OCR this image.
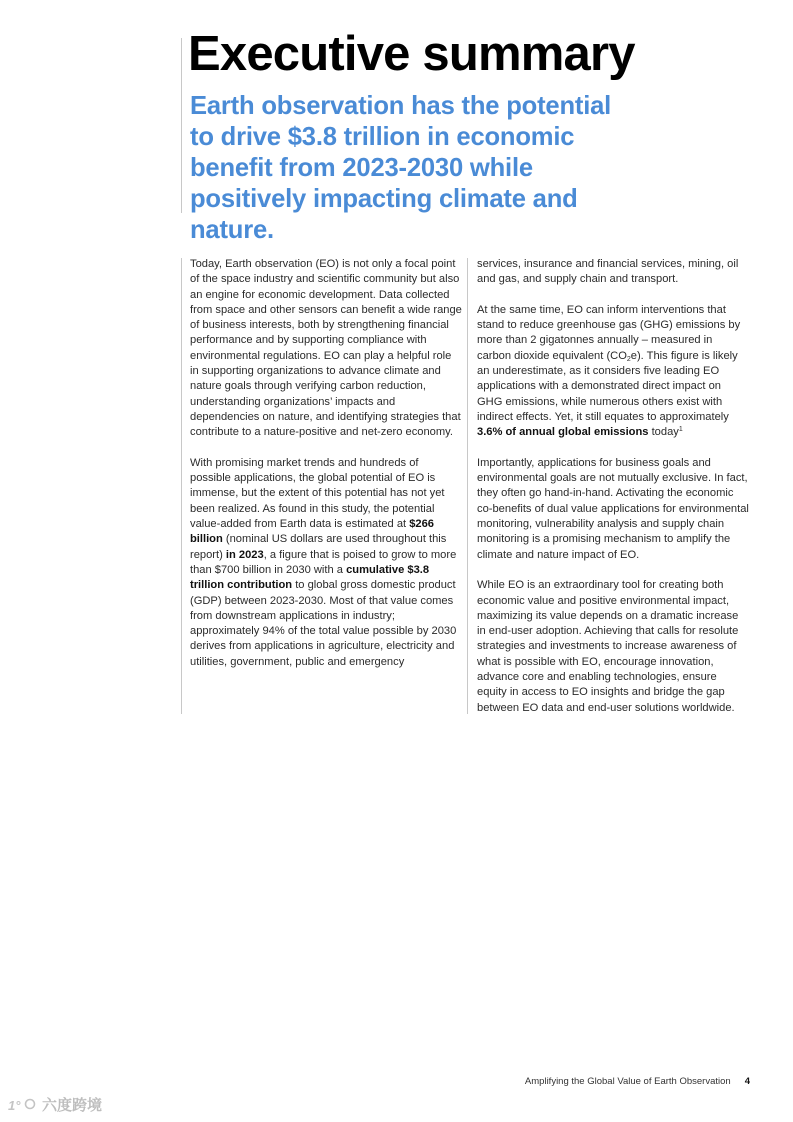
Executive summary
Earth observation has the potential to drive $3.8 trillion in economic benefit from 2023-2030 while positively impacting climate and nature.

Today, Earth observation (EO) is not only a focal point of the space industry and scientific community but also an engine for economic development. Data collected from space and other sensors can benefit a wide range of business interests, both by strengthening financial performance and by supporting compliance with environmental regulations. EO can play a helpful role in supporting organizations to advance climate and nature goals through verifying carbon reduction, understanding organizations’ impacts and dependencies on nature, and identifying strategies that contribute to a nature-positive and net-zero economy.

With promising market trends and hundreds of possible applications, the global potential of EO is immense, but the extent of this potential has not yet been realized. As found in this study, the potential value-added from Earth data is estimated at $266 billion (nominal US dollars are used throughout this report) in 2023, a figure that is poised to grow to more than $700 billion in 2030 with a cumulative $3.8 trillion contribution to global gross domestic product (GDP) between 2023-2030. Most of that value comes from downstream applications in industry; approximately 94% of the total value possible by 2030 derives from applications in agriculture, electricity and utilities, government, public and emergency

services, insurance and financial services, mining, oil and gas, and supply chain and transport.

At the same time, EO can inform interventions that stand to reduce greenhouse gas (GHG) emissions by more than 2 gigatonnes annually – measured in carbon dioxide equivalent $(CO_2e)$. This figure is likely an underestimate, as it considers five leading EO applications with a demonstrated direct impact on GHG emissions, while numerous others exist with indirect effects. Yet, it still equates to approximately 3.6% of annual global emissions today$^1$

Importantly, applications for business goals and environmental goals are not mutually exclusive. In fact, they often go hand-in-hand. Activating the economic co-benefits of dual value applications for environmental monitoring, vulnerability analysis and supply chain monitoring is a promising mechanism to amplify the climate and nature impact of EO.

While EO is an extraordinary tool for creating both economic value and positive environmental impact, maximizing its value depends on a dramatic increase in end-user adoption. Achieving that calls for resolute strategies and investments to increase awareness of what is possible with EO, encourage innovation, advance core and enabling technologies, ensure equity in access to EO insights and bridge the gap between EO data and end-user solutions worldwide.

Amplifying the Global Value of Earth Observation 4
1° 六度跨境
